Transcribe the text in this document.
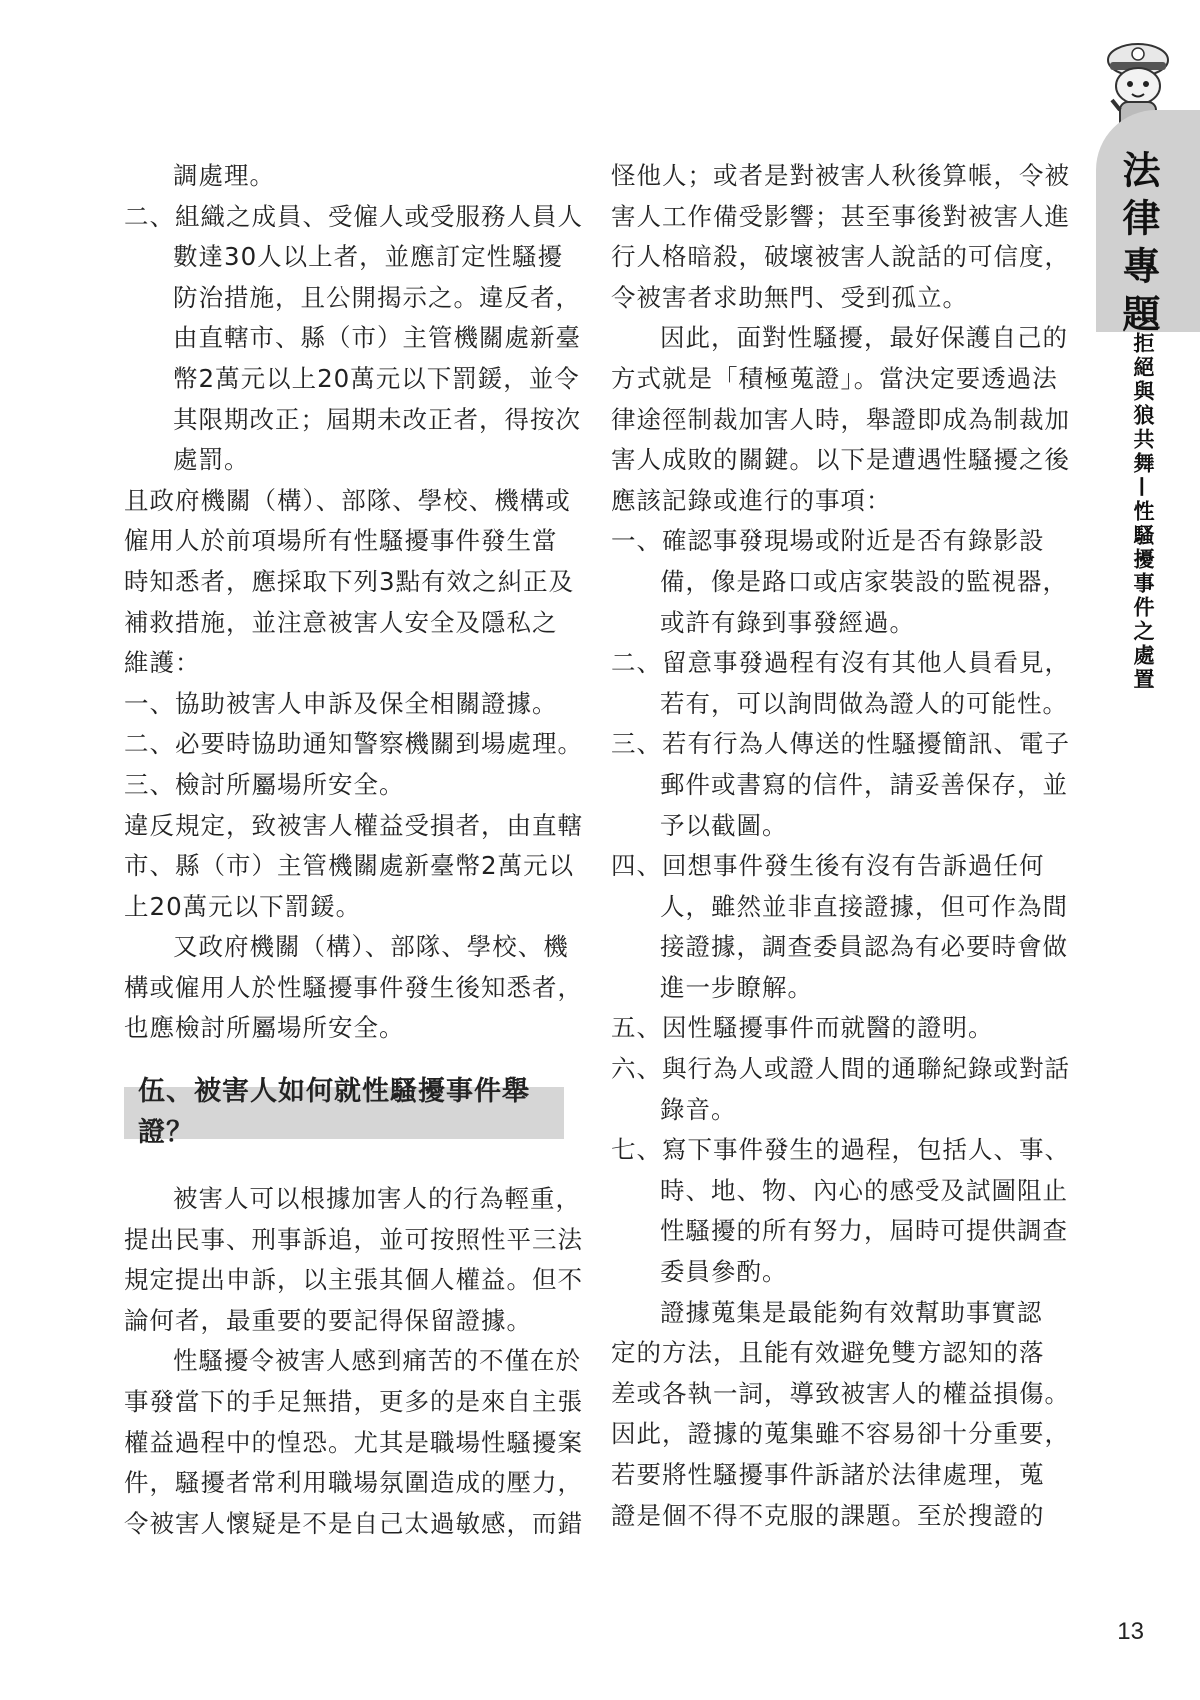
法律專題
拒絕與狼共舞—性騷擾事件之處置
調處理。
二、組織之成員、受僱人或受服務人員人
數達30人以上者，並應訂定性騷擾
防治措施，且公開揭示之。違反者，
由直轄市、縣（市）主管機關處新臺
幣2萬元以上20萬元以下罰鍰，並令
其限期改正；屆期未改正者，得按次
處罰。
且政府機關（構）、部隊、學校、機構或
僱用人於前項場所有性騷擾事件發生當
時知悉者，應採取下列3點有效之糾正及
補救措施，並注意被害人安全及隱私之
維護：
一、協助被害人申訴及保全相關證據。
二、必要時協助通知警察機關到場處理。
三、檢討所屬場所安全。
違反規定，致被害人權益受損者，由直轄
市、縣（市）主管機關處新臺幣2萬元以
上20萬元以下罰鍰。
又政府機關（構）、部隊、學校、機
構或僱用人於性騷擾事件發生後知悉者，
也應檢討所屬場所安全。
伍、被害人如何就性騷擾事件舉證？
被害人可以根據加害人的行為輕重，
提出民事、刑事訴追，並可按照性平三法
規定提出申訴，以主張其個人權益。但不
論何者，最重要的要記得保留證據。
性騷擾令被害人感到痛苦的不僅在於
事發當下的手足無措，更多的是來自主張
權益過程中的惶恐。尤其是職場性騷擾案
件，騷擾者常利用職場氛圍造成的壓力，
令被害人懷疑是不是自己太過敏感，而錯
怪他人；或者是對被害人秋後算帳，令被
害人工作備受影響；甚至事後對被害人進
行人格暗殺，破壞被害人說話的可信度，
令被害者求助無門、受到孤立。
因此，面對性騷擾，最好保護自己的
方式就是「積極蒐證」。當決定要透過法
律途徑制裁加害人時，舉證即成為制裁加
害人成敗的關鍵。以下是遭遇性騷擾之後
應該記錄或進行的事項：
一、確認事發現場或附近是否有錄影設
備，像是路口或店家裝設的監視器，
或許有錄到事發經過。
二、留意事發過程有沒有其他人員看見，
若有，可以詢問做為證人的可能性。
三、若有行為人傳送的性騷擾簡訊、電子
郵件或書寫的信件，請妥善保存，並
予以截圖。
四、回想事件發生後有沒有告訴過任何
人，雖然並非直接證據，但可作為間
接證據，調查委員認為有必要時會做
進一步瞭解。
五、因性騷擾事件而就醫的證明。
六、與行為人或證人間的通聯紀錄或對話
錄音。
七、寫下事件發生的過程，包括人、事、
時、地、物、內心的感受及試圖阻止
性騷擾的所有努力，屆時可提供調查
委員參酌。
證據蒐集是最能夠有效幫助事實認
定的方法，且能有效避免雙方認知的落
差或各執一詞，導致被害人的權益損傷。
因此，證據的蒐集雖不容易卻十分重要，
若要將性騷擾事件訴諸於法律處理，蒐
證是個不得不克服的課題。至於搜證的
13
